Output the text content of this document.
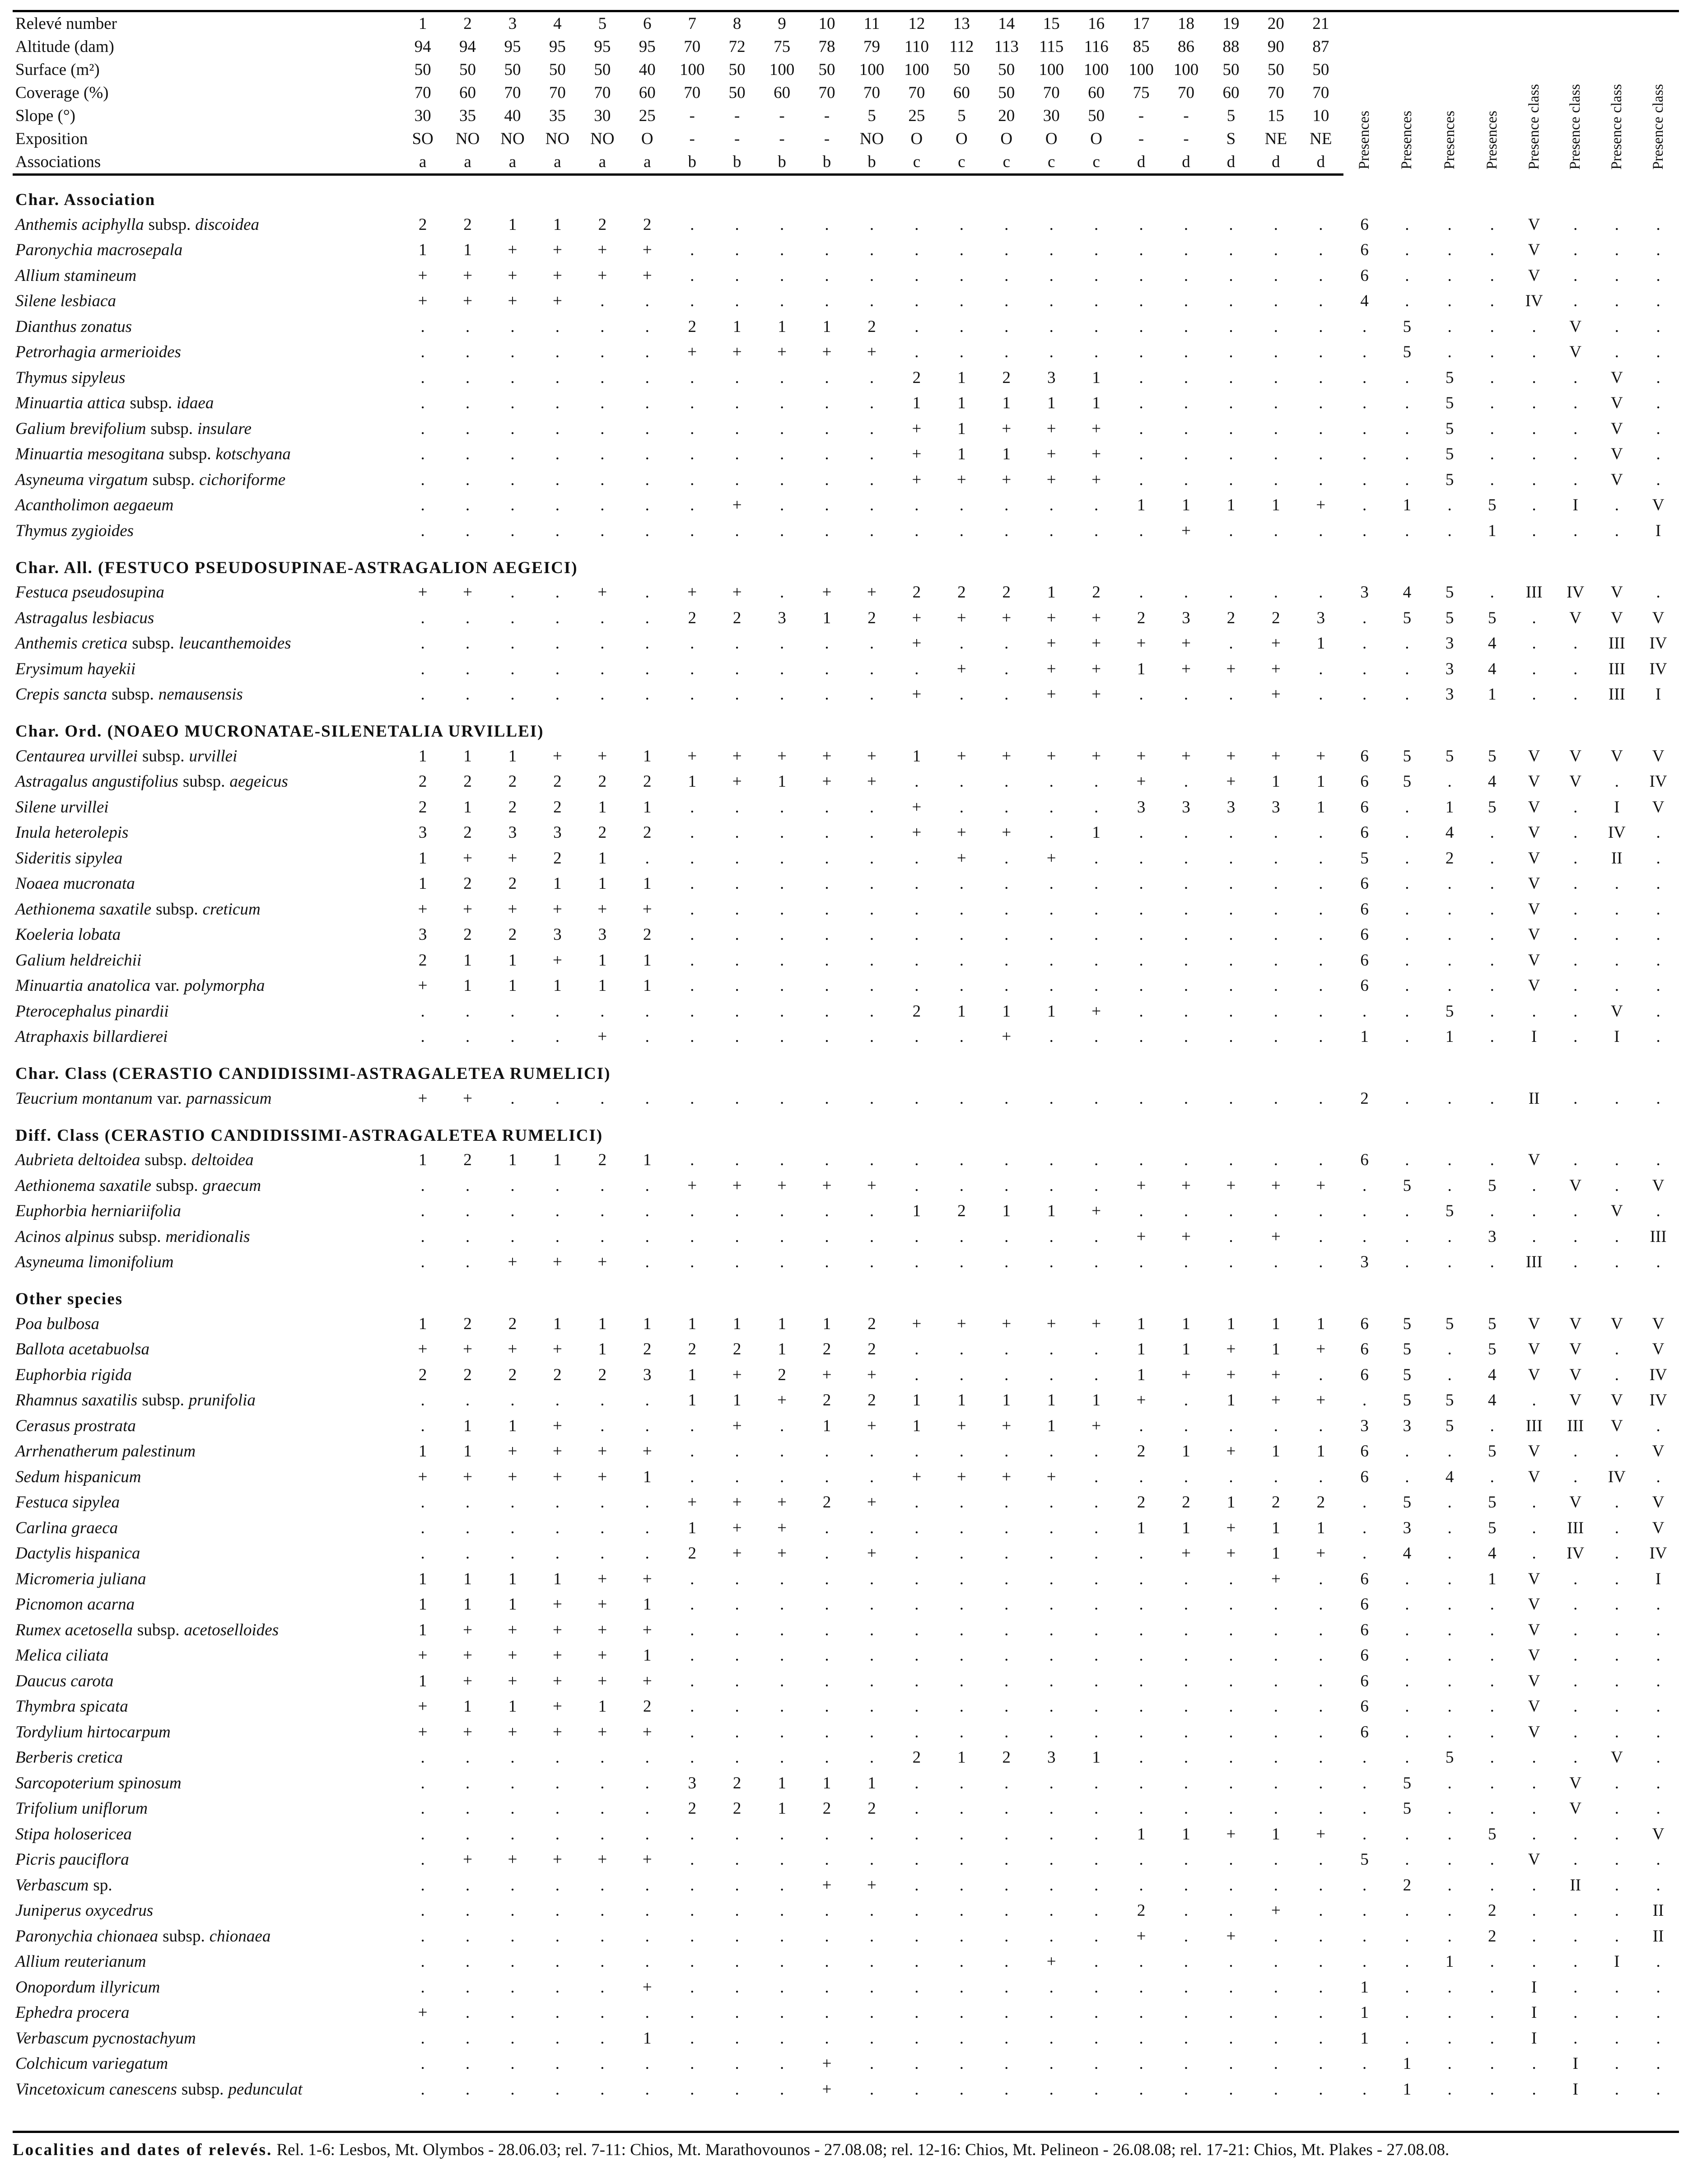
Relevé number	1	2	3	4	5	6	7	8	9	10	11	12	13	14	15	16	17	18	19	20	21	Presences	Presences	Presences	Presences	Presence class	Presence class	Presence class	Presence class
Altitude (dam)	94	94	95	95	95	95	70	72	75	78	79	110	112	113	115	116	85	86	88	90	87								
Surface (m²)	50	50	50	50	50	40	100	50	100	50	100	100	50	50	100	100	100	100	50	50	50								
Coverage (%)	70	60	70	70	70	60	70	50	60	70	70	70	60	50	70	60	75	70	60	70	70								
Slope (°)	30	35	40	35	30	25	-	-	-	-	5	25	5	20	30	50	-	-	5	15	10								
Exposition	SO	NO	NO	NO	NO	O	-	-	-	-	NO	O	O	O	O	O	-	-	S	NE	NE								
Associations	a	a	a	a	a	a	b	b	b	b	b	c	c	c	c	c	d	d	d	d	d								
Char. Association																													
Anthemis aciphylla subsp. discoidea	2	2	1	1	2	2	.	.	.	.	.	.	.	.	.	.	.	.	.	.	.	6	.	.	.	V	.	.	.
Paronychia macrosepala	1	1	+	+	+	+	.	.	.	.	.	.	.	.	.	.	.	.	.	.	.	6	.	.	.	V	.	.	.
Allium stamineum	+	+	+	+	+	+	.	.	.	.	.	.	.	.	.	.	.	.	.	.	.	6	.	.	.	V	.	.	.
Silene lesbiaca	+	+	+	+	.	.	.	.	.	.	.	.	.	.	.	.	.	.	.	.	.	4	.	.	.	IV	.	.	.
Dianthus zonatus	.	.	.	.	.	.	2	1	1	1	2	.	.	.	.	.	.	.	.	.	.	.	5	.	.	.	V	.	.
Petrorhagia armerioides	.	.	.	.	.	.	+	+	+	+	+	.	.	.	.	.	.	.	.	.	.	.	5	.	.	.	V	.	.
Thymus sipyleus	.	.	.	.	.	.	.	.	.	.	.	2	1	2	3	1	.	.	.	.	.	.	.	5	.	.	.	V	.
Minuartia attica subsp. idaea	.	.	.	.	.	.	.	.	.	.	.	1	1	1	1	1	.	.	.	.	.	.	.	5	.	.	.	V	.
Galium brevifolium subsp. insulare	.	.	.	.	.	.	.	.	.	.	.	+	1	+	+	+	.	.	.	.	.	.	.	5	.	.	.	V	.
Minuartia mesogitana subsp. kotschyana	.	.	.	.	.	.	.	.	.	.	.	+	1	1	+	+	.	.	.	.	.	.	.	5	.	.	.	V	.
Asyneuma virgatum subsp. cichoriforme	.	.	.	.	.	.	.	.	.	.	.	+	+	+	+	+	.	.	.	.	.	.	.	5	.	.	.	V	.
Acantholimon aegaeum	.	.	.	.	.	.	.	+	.	.	.	.	.	.	.	.	1	1	1	1	+	.	1	.	5	.	I	.	V
Thymus zygioides	.	.	.	.	.	.	.	.	.	.	.	.	.	.	.	.	.	+	.	.	.	.	.	.	1	.	.	.	I
Char. All. (FESTUCO PSEUDOSUPINAE-ASTRAGALION AEGEICI)																													
Festuca pseudosupina	+	+	.	.	+	.	+	+	.	+	+	2	2	2	1	2	.	.	.	.	.	3	4	5	.	III	IV	V	.
Astragalus lesbiacus	.	.	.	.	.	.	2	2	3	1	2	+	+	+	+	+	2	3	2	2	3	.	5	5	5	.	V	V	V
Anthemis cretica subsp. leucanthemoides	.	.	.	.	.	.	.	.	.	.	.	+	.	.	+	+	+	+	.	+	1	.	.	3	4	.	.	III	IV
Erysimum hayekii	.	.	.	.	.	.	.	.	.	.	.	.	+	.	+	+	1	+	+	+	.	.	.	3	4	.	.	III	IV
Crepis sancta subsp. nemausensis	.	.	.	.	.	.	.	.	.	.	.	+	.	.	+	+	.	.	.	+	.	.	.	3	1	.	.	III	I
Char. Ord. (NOAEO MUCRONATAE-SILENETALIA URVILLEI)																													
Centaurea urvillei subsp. urvillei	1	1	1	+	+	1	+	+	+	+	+	1	+	+	+	+	+	+	+	+	+	6	5	5	5	V	V	V	V
Astragalus angustifolius subsp. aegeicus	2	2	2	2	2	2	1	+	1	+	+	.	.	.	.	.	+	.	+	1	1	6	5	.	4	V	V	.	IV
Silene urvillei	2	1	2	2	1	1	.	.	.	.	.	+	.	.	.	.	3	3	3	3	1	6	.	1	5	V	.	I	V
Inula heterolepis	3	2	3	3	2	2	.	.	.	.	.	+	+	+	.	1	.	.	.	.	.	6	.	4	.	V	.	IV	.
Sideritis sipylea	1	+	+	2	1	.	.	.	.	.	.	.	+	.	+	.	.	.	.	.	.	5	.	2	.	V	.	II	.
Noaea mucronata	1	2	2	1	1	1	.	.	.	.	.	.	.	.	.	.	.	.	.	.	.	6	.	.	.	V	.	.	.
Aethionema saxatile subsp. creticum	+	+	+	+	+	+	.	.	.	.	.	.	.	.	.	.	.	.	.	.	.	6	.	.	.	V	.	.	.
Koeleria lobata	3	2	2	3	3	2	.	.	.	.	.	.	.	.	.	.	.	.	.	.	.	6	.	.	.	V	.	.	.
Galium heldreichii	2	1	1	+	1	1	.	.	.	.	.	.	.	.	.	.	.	.	.	.	.	6	.	.	.	V	.	.	.
Minuartia anatolica var. polymorpha	+	1	1	1	1	1	.	.	.	.	.	.	.	.	.	.	.	.	.	.	.	6	.	.	.	V	.	.	.
Pterocephalus pinardii	.	.	.	.	.	.	.	.	.	.	.	2	1	1	1	+	.	.	.	.	.	.	.	5	.	.	.	V	.
Atraphaxis billardierei	.	.	.	.	+	.	.	.	.	.	.	.	.	+	.	.	.	.	.	.	.	1	.	1	.	I	.	I	.
Char. Class (CERASTIO CANDIDISSIMI-ASTRAGALETEA RUMELICI)																													
Teucrium montanum var. parnassicum	+	+	.	.	.	.	.	.	.	.	.	.	.	.	.	.	.	.	.	.	.	2	.	.	.	II	.	.	.
Diff. Class (CERASTIO CANDIDISSIMI-ASTRAGALETEA RUMELICI)																													
Aubrieta deltoidea subsp. deltoidea	1	2	1	1	2	1	.	.	.	.	.	.	.	.	.	.	.	.	.	.	.	6	.	.	.	V	.	.	.
Aethionema saxatile subsp. graecum	.	.	.	.	.	.	+	+	+	+	+	.	.	.	.	.	+	+	+	+	+	.	5	.	5	.	V	.	V
Euphorbia herniariifolia	.	.	.	.	.	.	.	.	.	.	.	1	2	1	1	+	.	.	.	.	.	.	.	5	.	.	.	V	.
Acinos alpinus subsp. meridionalis	.	.	.	.	.	.	.	.	.	.	.	.	.	.	.	.	+	+	.	+	.	.	.	.	3	.	.	.	III
Asyneuma limonifolium	.	.	+	+	+	.	.	.	.	.	.	.	.	.	.	.	.	.	.	.	.	3	.	.	.	III	.	.	.
Other species																													
Poa bulbosa	1	2	2	1	1	1	1	1	1	1	2	+	+	+	+	+	1	1	1	1	1	6	5	5	5	V	V	V	V
Ballota acetabuolsa	+	+	+	+	1	2	2	2	1	2	2	.	.	.	.	.	1	1	+	1	+	6	5	.	5	V	V	.	V
Euphorbia rigida	2	2	2	2	2	3	1	+	2	+	+	.	.	.	.	.	1	+	+	+	.	6	5	.	4	V	V	.	IV
Rhamnus saxatilis subsp. prunifolia	.	.	.	.	.	.	1	1	+	2	2	1	1	1	1	1	+	.	1	+	+	.	5	5	4	.	V	V	IV
Cerasus prostrata	.	1	1	+	.	.	.	+	.	1	+	1	+	+	1	+	.	.	.	.	.	3	3	5	.	III	III	V	.
Arrhenatherum palestinum	1	1	+	+	+	+	.	.	.	.	.	.	.	.	.	.	2	1	+	1	1	6	.	.	5	V	.	.	V
Sedum hispanicum	+	+	+	+	+	1	.	.	.	.	.	+	+	+	+	.	.	.	.	.	.	6	.	4	.	V	.	IV	.
Festuca sipylea	.	.	.	.	.	.	+	+	+	2	+	.	.	.	.	.	2	2	1	2	2	.	5	.	5	.	V	.	V
Carlina graeca	.	.	.	.	.	.	1	+	+	.	.	.	.	.	.	.	1	1	+	1	1	.	3	.	5	.	III	.	V
Dactylis hispanica	.	.	.	.	.	.	2	+	+	.	+	.	.	.	.	.	.	+	+	1	+	.	4	.	4	.	IV	.	IV
Micromeria juliana	1	1	1	1	+	+	.	.	.	.	.	.	.	.	.	.	.	.	.	+	.	6	.	.	1	V	.	.	I
Picnomon acarna	1	1	1	+	+	1	.	.	.	.	.	.	.	.	.	.	.	.	.	.	.	6	.	.	.	V	.	.	.
Rumex acetosella subsp. acetoselloides	1	+	+	+	+	+	.	.	.	.	.	.	.	.	.	.	.	.	.	.	.	6	.	.	.	V	.	.	.
Melica ciliata	+	+	+	+	+	1	.	.	.	.	.	.	.	.	.	.	.	.	.	.	.	6	.	.	.	V	.	.	.
Daucus carota	1	+	+	+	+	+	.	.	.	.	.	.	.	.	.	.	.	.	.	.	.	6	.	.	.	V	.	.	.
Thymbra spicata	+	1	1	+	1	2	.	.	.	.	.	.	.	.	.	.	.	.	.	.	.	6	.	.	.	V	.	.	.
Tordylium hirtocarpum	+	+	+	+	+	+	.	.	.	.	.	.	.	.	.	.	.	.	.	.	.	6	.	.	.	V	.	.	.
Berberis cretica	.	.	.	.	.	.	.	.	.	.	.	2	1	2	3	1	.	.	.	.	.	.	.	5	.	.	.	V	.
Sarcopoterium spinosum	.	.	.	.	.	.	3	2	1	1	1	.	.	.	.	.	.	.	.	.	.	.	5	.	.	.	V	.	.
Trifolium uniflorum	.	.	.	.	.	.	2	2	1	2	2	.	.	.	.	.	.	.	.	.	.	.	5	.	.	.	V	.	.
Stipa holosericea	.	.	.	.	.	.	.	.	.	.	.	.	.	.	.	.	1	1	+	1	+	.	.	.	5	.	.	.	V
Picris pauciflora	.	+	+	+	+	+	.	.	.	.	.	.	.	.	.	.	.	.	.	.	.	5	.	.	.	V	.	.	.
Verbascum sp.	.	.	.	.	.	.	.	.	.	+	+	.	.	.	.	.	.	.	.	.	.	.	2	.	.	.	II	.	.
Juniperus oxycedrus	.	.	.	.	.	.	.	.	.	.	.	.	.	.	.	.	2	.	.	+	.	.	.	.	2	.	.	.	II
Paronychia chionaea subsp. chionaea	.	.	.	.	.	.	.	.	.	.	.	.	.	.	.	.	+	.	+	.	.	.	.	.	2	.	.	.	II
Allium reuterianum	.	.	.	.	.	.	.	.	.	.	.	.	.	.	+	.	.	.	.	.	.	.	.	1	.	.	.	I	.
Onopordum illyricum	.	.	.	.	.	+	.	.	.	.	.	.	.	.	.	.	.	.	.	.	.	1	.	.	.	I	.	.	.
Ephedra procera	+	.	.	.	.	.	.	.	.	.	.	.	.	.	.	.	.	.	.	.	.	1	.	.	.	I	.	.	.
Verbascum pycnostachyum	.	.	.	.	.	1	.	.	.	.	.	.	.	.	.	.	.	.	.	.	.	1	.	.	.	I	.	.	.
Colchicum variegatum	.	.	.	.	.	.	.	.	.	+	.	.	.	.	.	.	.	.	.	.	.	.	1	.	.	.	I	.	.
Vincetoxicum canescens subsp. pedunculat	.	.	.	.	.	.	.	.	.	+	.	.	.	.	.	.	.	.	.	.	.	.	1	.	.	.	I	.	.
Localities and dates of relevés. Rel. 1-6: Lesbos, Mt. Olymbos - 28.06.03; rel. 7-11: Chios, Mt. Marathovounos - 27.08.08; rel. 12-16: Chios, Mt. Pelineon - 26.08.08; rel. 17-21: Chios, Mt. Plakes - 27.08.08.
